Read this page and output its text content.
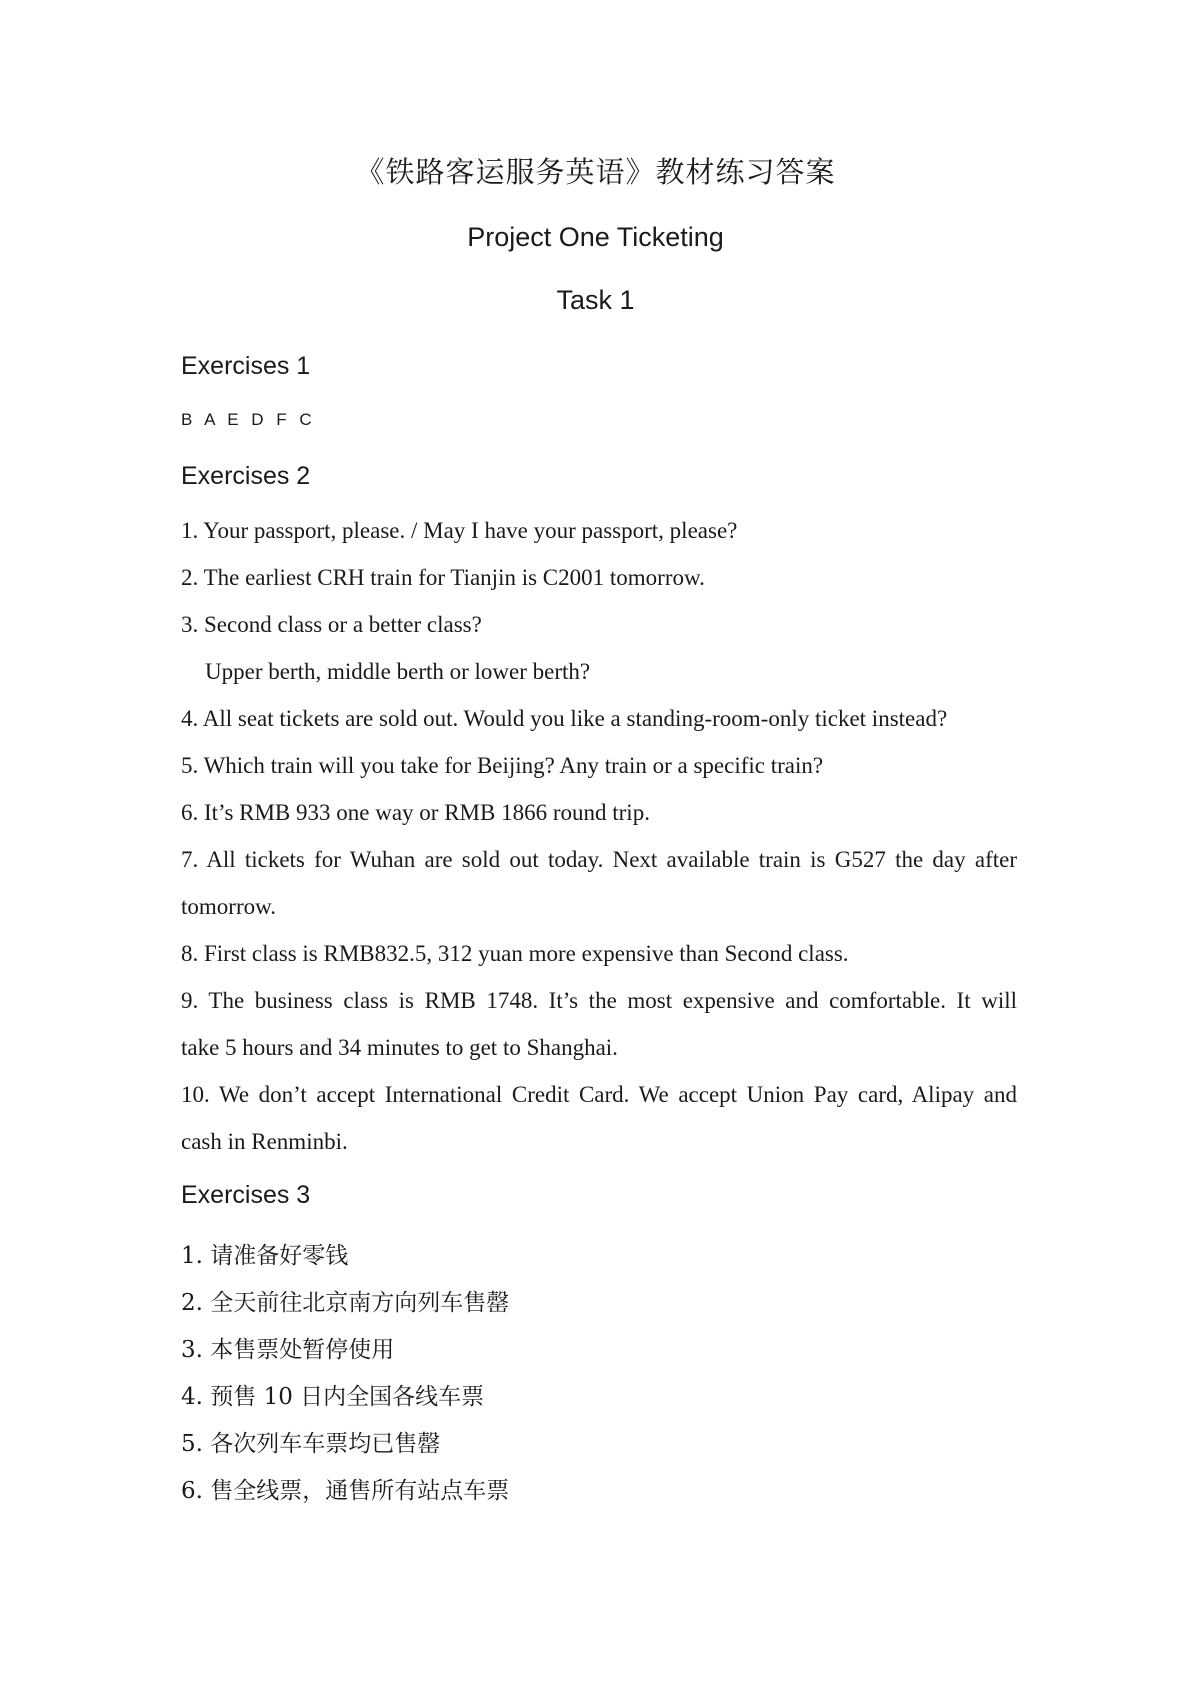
《铁路客运服务英语》教材练习答案
Project One Ticketing
Task 1
Exercises 1
B A E D F C
Exercises 2
1. Your passport, please. / May I have your passport, please?
2. The earliest CRH train for Tianjin is C2001 tomorrow.
3. Second class or a better class?
Upper berth, middle berth or lower berth?
4. All seat tickets are sold out. Would you like a standing-room-only ticket instead?
5. Which train will you take for Beijing? Any train or a specific train?
6. It’s RMB 933 one way or RMB 1866 round trip.
7. All tickets for Wuhan are sold out today. Next available train is G527 the day after
tomorrow.
8. First class is RMB832.5, 312 yuan more expensive than Second class.
9. The business class is RMB 1748. It’s the most expensive and comfortable. It will
take 5 hours and 34 minutes to get to Shanghai.
10. We don’t accept International Credit Card. We accept Union Pay card, Alipay and
cash in Renminbi.
Exercises 3
1. 请准备好零钱
2. 全天前往北京南方向列车售罄
3. 本售票处暂停使用
4. 预售 10 日内全国各线车票
5. 各次列车车票均已售罄
6. 售全线票，通售所有站点车票
